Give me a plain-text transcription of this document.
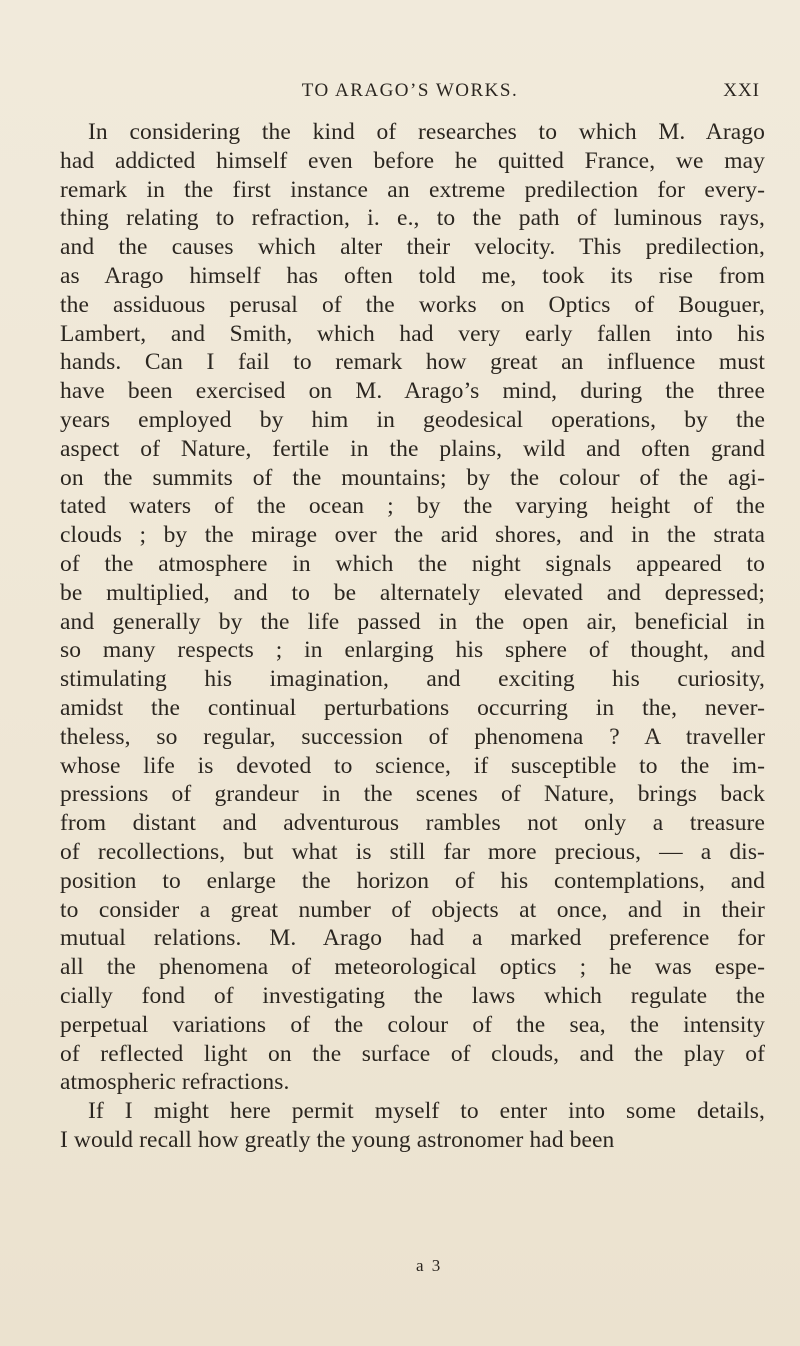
TO ARAGO’S WORKS.	XXI
In considering the kind of researches to which M. Arago
had addicted himself even before he quitted France, we may
remark in the first instance an extreme predilection for every-
thing relating to refraction, i. e., to the path of luminous rays,
and the causes which alter their velocity. This predilection,
as Arago himself has often told me, took its rise from
the assiduous perusal of the works on Optics of Bouguer,
Lambert, and Smith, which had very early fallen into his
hands. Can I fail to remark how great an influence must
have been exercised on M. Arago’s mind, during the three
years employed by him in geodesical operations, by the
aspect of Nature, fertile in the plains, wild and often grand
on the summits of the mountains; by the colour of the agi-
tated waters of the ocean ; by the varying height of the
clouds ; by the mirage over the arid shores, and in the strata
of the atmosphere in which the night signals appeared to
be multiplied, and to be alternately elevated and depressed;
and generally by the life passed in the open air, beneficial in
so many respects ; in enlarging his sphere of thought, and
stimulating his imagination, and exciting his curiosity,
amidst the continual perturbations occurring in the, never-
theless, so regular, succession of phenomena ? A traveller
whose life is devoted to science, if susceptible to the im-
pressions of grandeur in the scenes of Nature, brings back
from distant and adventurous rambles not only a treasure
of recollections, but what is still far more precious, — a dis-
position to enlarge the horizon of his contemplations, and
to consider a great number of objects at once, and in their
mutual relations. M. Arago had a marked preference for
all the phenomena of meteorological optics ; he was espe-
cially fond of investigating the laws which regulate the
perpetual variations of the colour of the sea, the intensity
of reflected light on the surface of clouds, and the play of
atmospheric refractions.
If I might here permit myself to enter into some details,
I would recall how greatly the young astronomer had been
a 3
